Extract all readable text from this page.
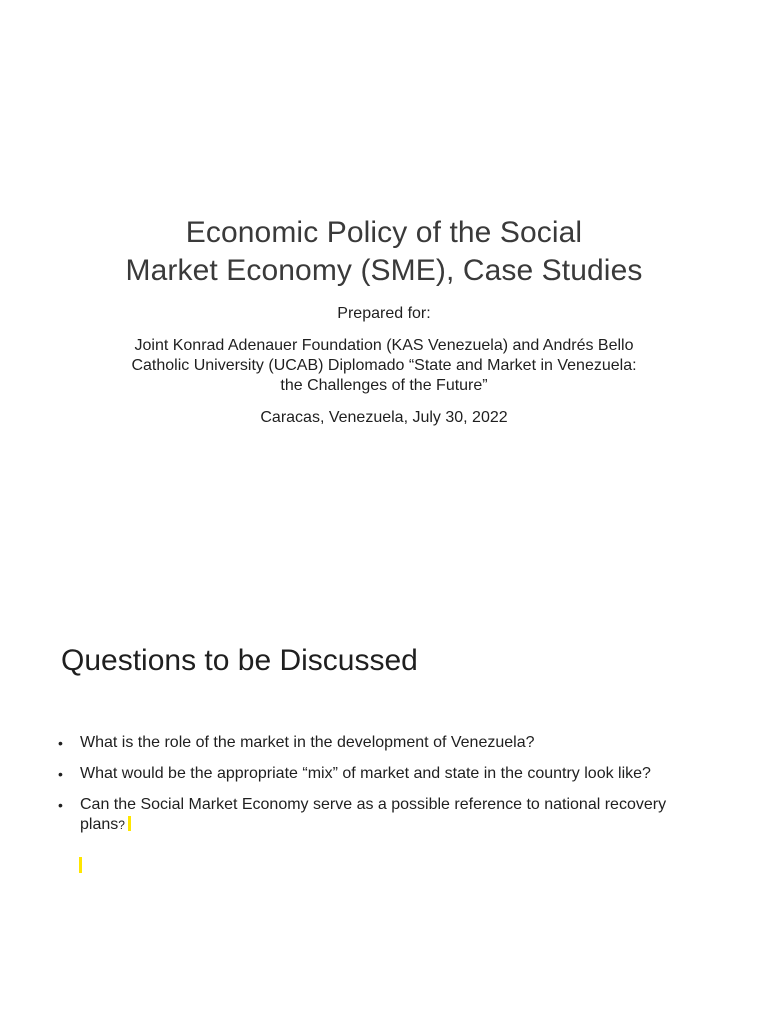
Economic Policy of the Social
Market Economy (SME), Case Studies
Prepared for:
Joint Konrad Adenauer Foundation (KAS Venezuela) and Andrés Bello
Catholic University (UCAB) Diplomado “State and Market in Venezuela:
the Challenges of the Future”
Caracas, Venezuela, July 30, 2022
Questions to be Discussed
• What is the role of the market in the development of Venezuela?
• What would be the appropriate “mix” of market and state in the country look like?
• Can the Social Market Economy serve as a possible reference to national recovery plans?
